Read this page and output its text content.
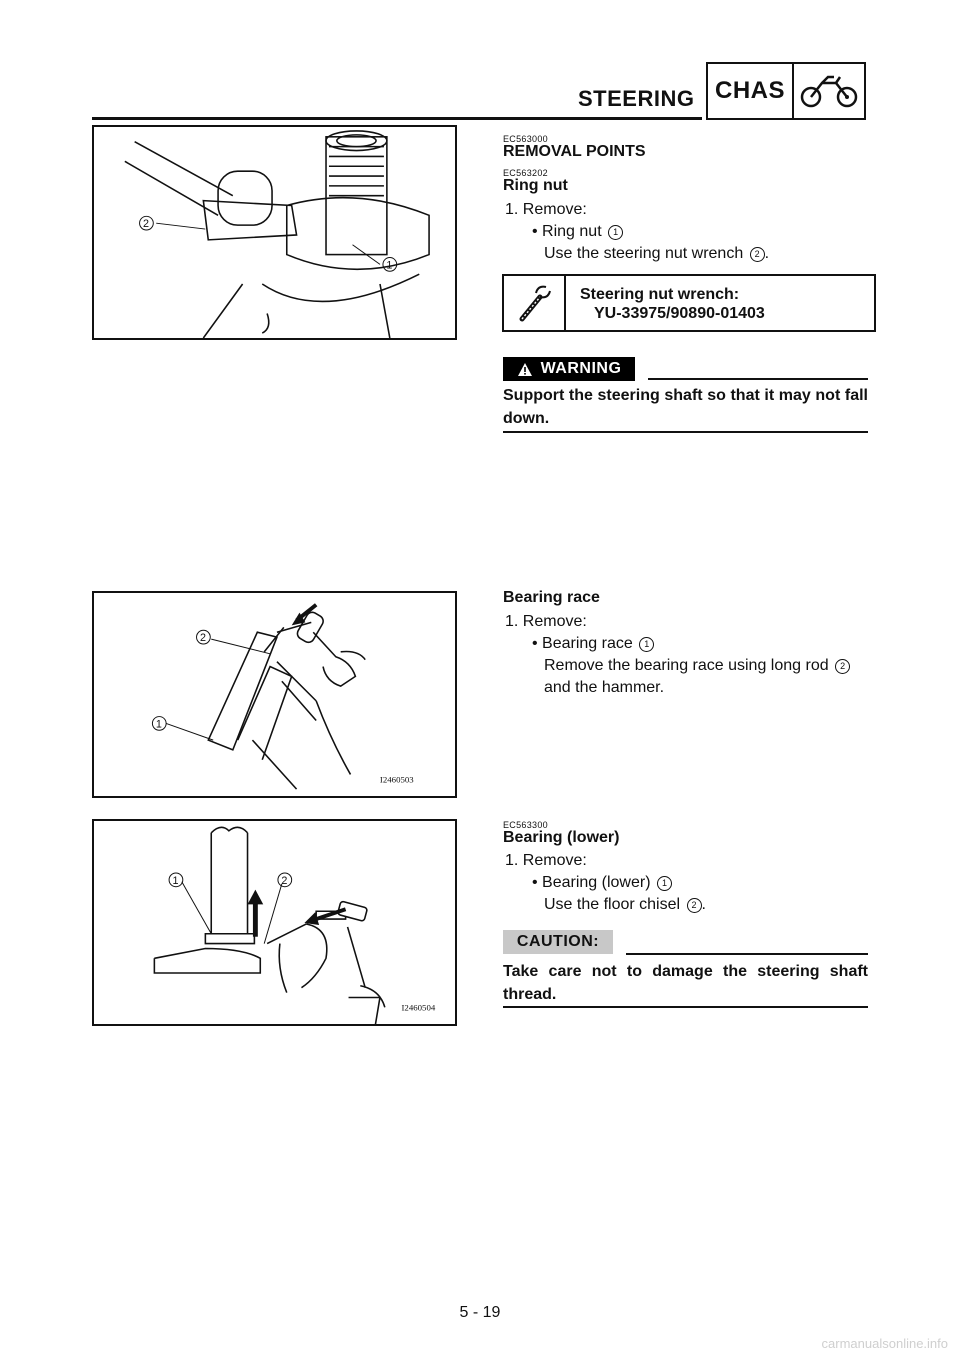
STEERING CHAS
2
1
2
1
I2460503
1	2
I2460504
EC563000
REMOVAL POINTS
EC563202
Ring nut
1. Remove:
• Ring nut 1
Use the steering nut wrench 2 .
Steering nut wrench:
YU-33975/90890-01403
WARNING
Support the steering shaft so that it may not fall down.
Bearing race
1. Remove:
• Bearing race 1
Remove the bearing race using long rod 2 and the hammer.
EC563300
Bearing (lower)
1. Remove:
• Bearing (lower) 1
Use the floor chisel 2 .
CAUTION:
Take care not to damage the steering shaft thread.
5 - 19
carmanualsonline.info
